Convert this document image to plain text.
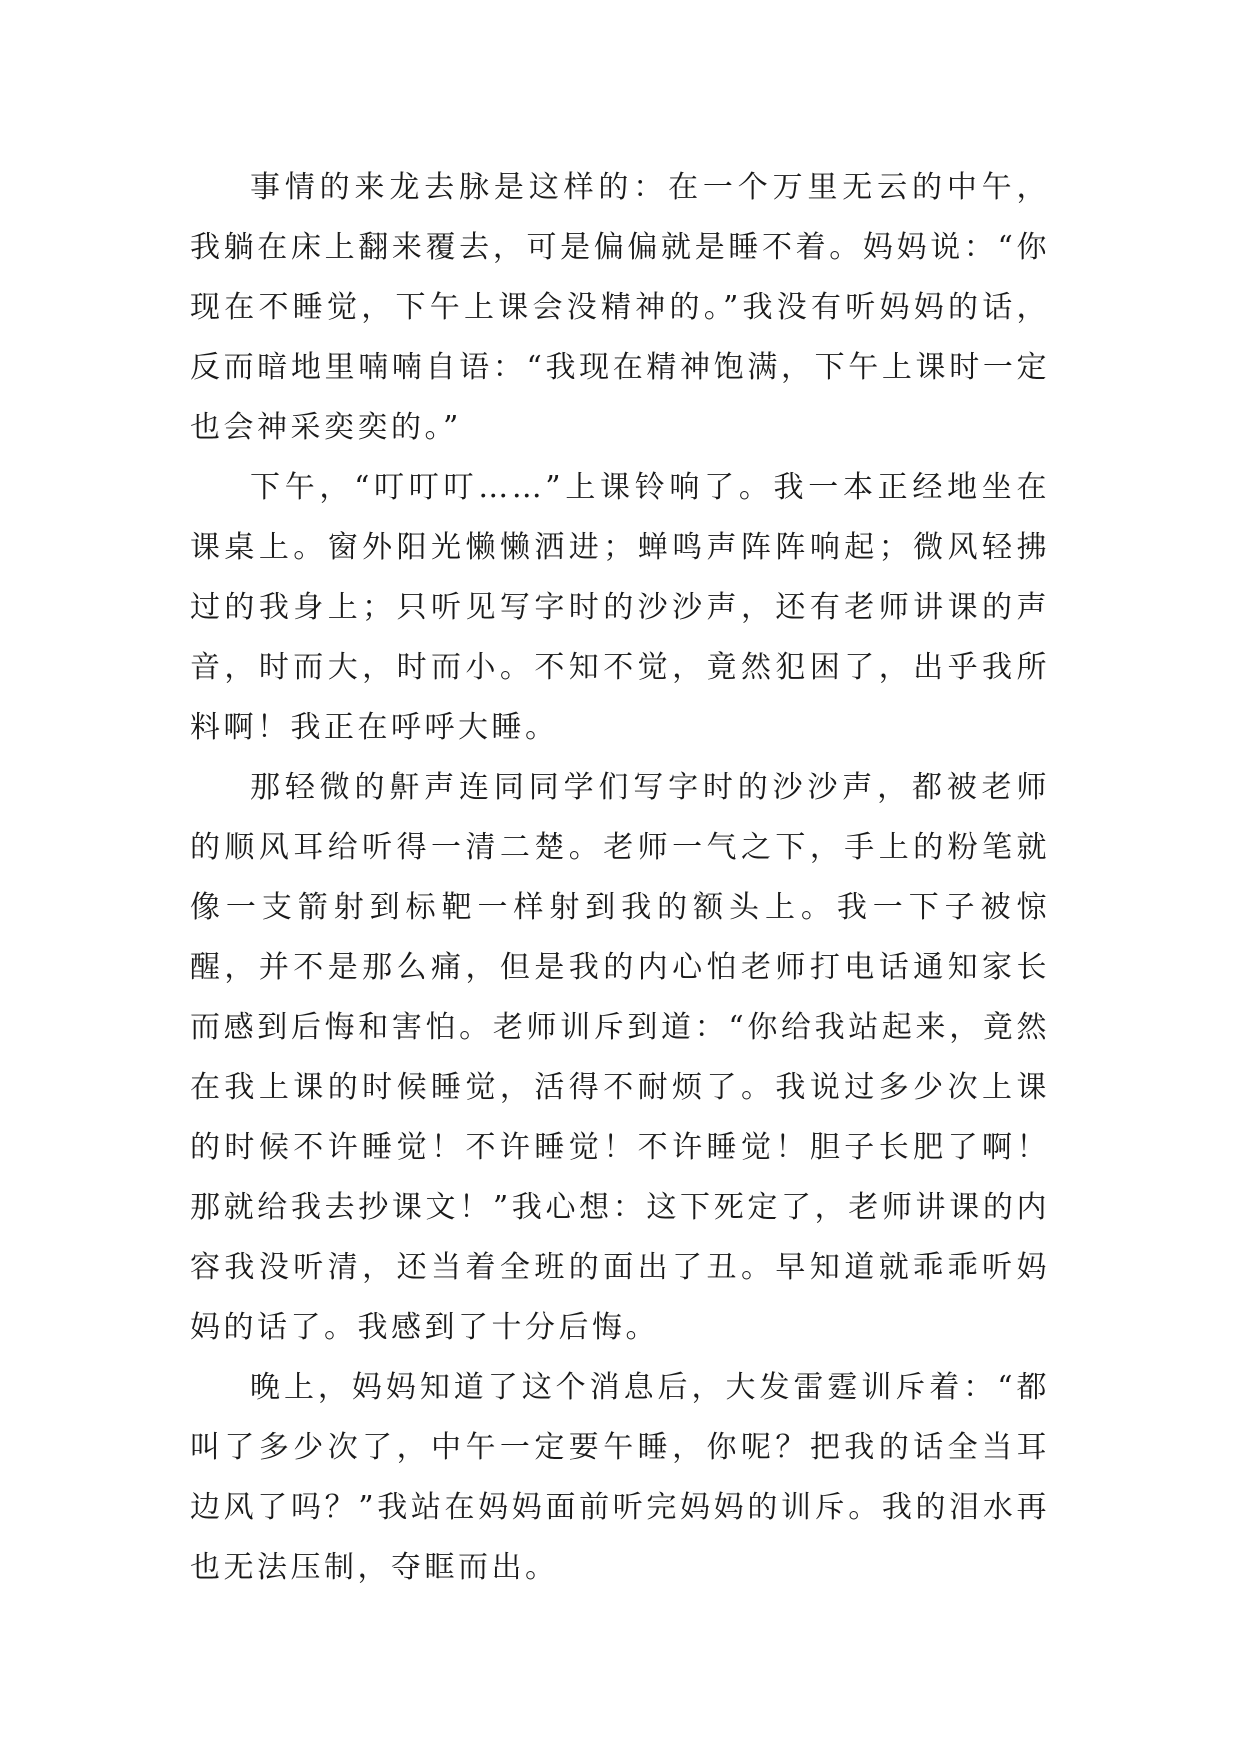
事情的来龙去脉是这样的：在一个万里无云的中午，我躺在床上翻来覆去，可是偏偏就是睡不着。妈妈说：“你现在不睡觉，下午上课会没精神的。”我没有听妈妈的话，反而暗地里喃喃自语：“我现在精神饱满，下午上课时一定也会神采奕奕的。”

下午，“叮叮叮……”上课铃响了。我一本正经地坐在课桌上。窗外阳光懒懒洒进；蝉鸣声阵阵响起；微风轻拂过的我身上；只听见写字时的沙沙声，还有老师讲课的声音，时而大，时而小。不知不觉，竟然犯困了，出乎我所料啊！我正在呼呼大睡。

那轻微的鼾声连同同学们写字时的沙沙声，都被老师的顺风耳给听得一清二楚。老师一气之下，手上的粉笔就像一支箭射到标靶一样射到我的额头上。我一下子被惊醒，并不是那么痛，但是我的内心怕老师打电话通知家长而感到后悔和害怕。老师训斥到道：“你给我站起来，竟然在我上课的时候睡觉，活得不耐烦了。我说过多少次上课的时候不许睡觉！不许睡觉！不许睡觉！胆子长肥了啊！那就给我去抄课文！”我心想：这下死定了，老师讲课的内容我没听清，还当着全班的面出了丑。早知道就乖乖听妈妈的话了。我感到了十分后悔。

晚上，妈妈知道了这个消息后，大发雷霆训斥着：“都叫了多少次了，中午一定要午睡，你呢？把我的话全当耳边风了吗？”我站在妈妈面前听完妈妈的训斥。我的泪水再也无法压制，夺眶而出。
